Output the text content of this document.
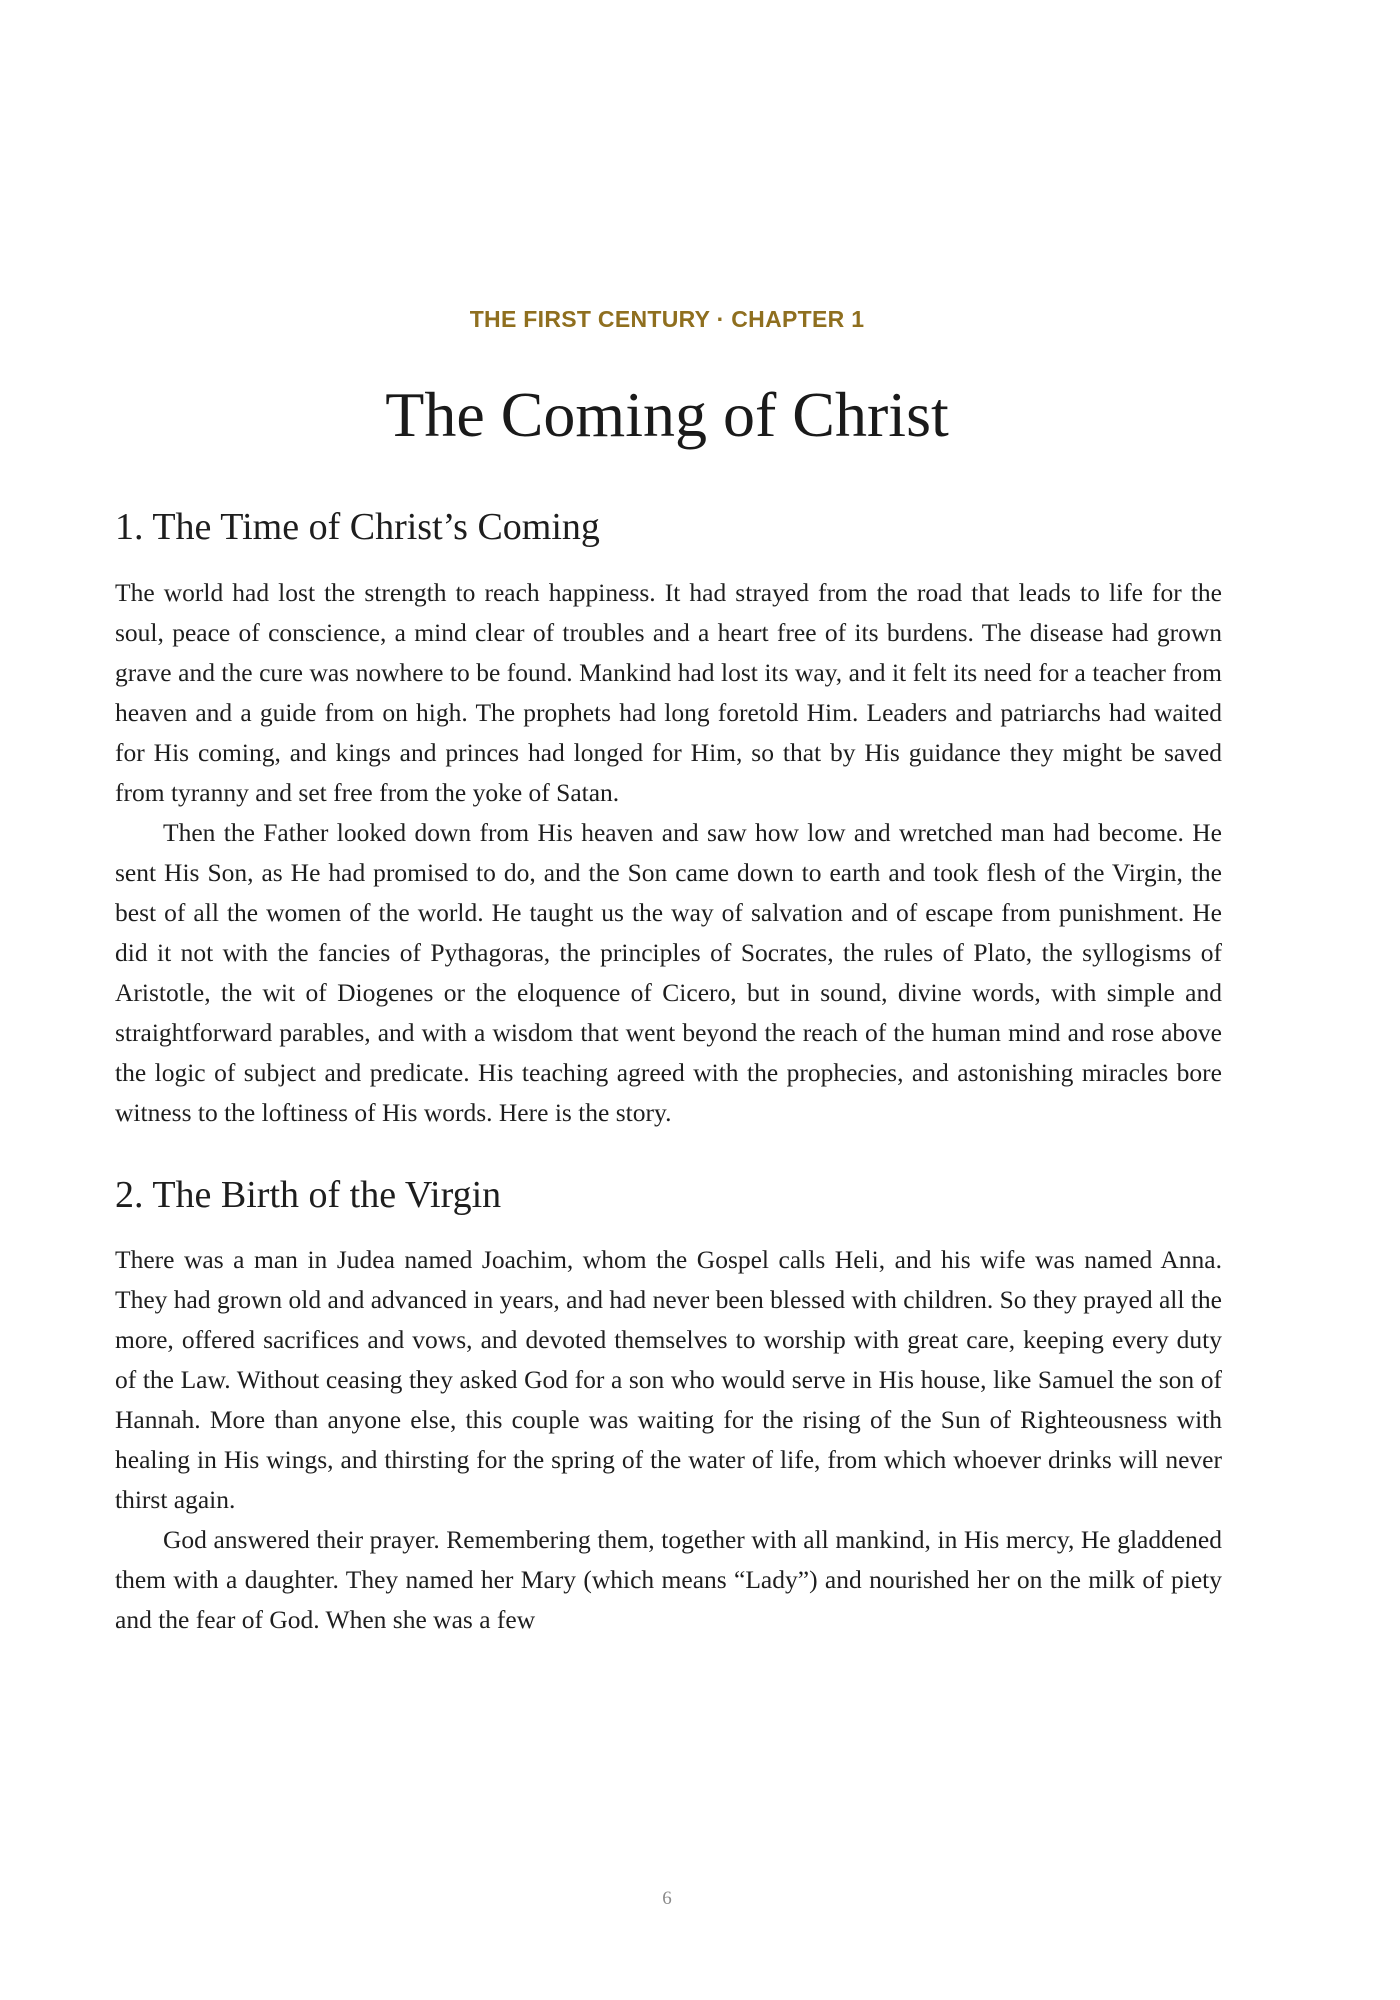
THE FIRST CENTURY · CHAPTER 1
The Coming of Christ
1. The Time of Christ’s Coming

The world had lost the strength to reach happiness. It had strayed from the road that leads to life for the soul, peace of conscience, a mind clear of troubles and a heart free of its burdens. The disease had grown grave and the cure was nowhere to be found. Mankind had lost its way, and it felt its need for a teacher from heaven and a guide from on high. The prophets had long foretold Him. Leaders and patriarchs had waited for His coming, and kings and princes had longed for Him, so that by His guidance they might be saved from tyranny and set free from the yoke of Satan.

Then the Father looked down from His heaven and saw how low and wretched man had become. He sent His Son, as He had promised to do, and the Son came down to earth and took flesh of the Virgin, the best of all the women of the world. He taught us the way of salvation and of escape from punishment. He did it not with the fancies of Pythagoras, the principles of Socrates, the rules of Plato, the syllogisms of Aristotle, the wit of Diogenes or the eloquence of Cicero, but in sound, divine words, with simple and straightforward parables, and with a wisdom that went beyond the reach of the human mind and rose above the logic of subject and predicate. His teaching agreed with the prophecies, and astonishing miracles bore witness to the loftiness of His words. Here is the story.

2. The Birth of the Virgin

There was a man in Judea named Joachim, whom the Gospel calls Heli, and his wife was named Anna. They had grown old and advanced in years, and had never been blessed with children. So they prayed all the more, offered sacrifices and vows, and devoted themselves to worship with great care, keeping every duty of the Law. Without ceasing they asked God for a son who would serve in His house, like Samuel the son of Hannah. More than anyone else, this couple was waiting for the rising of the Sun of Righteousness with healing in His wings, and thirsting for the spring of the water of life, from which whoever drinks will never thirst again.

God answered their prayer. Remembering them, together with all mankind, in His mercy, He gladdened them with a daughter. They named her Mary (which means “Lady”) and nourished her on the milk of piety and the fear of God. When she was a few

6
